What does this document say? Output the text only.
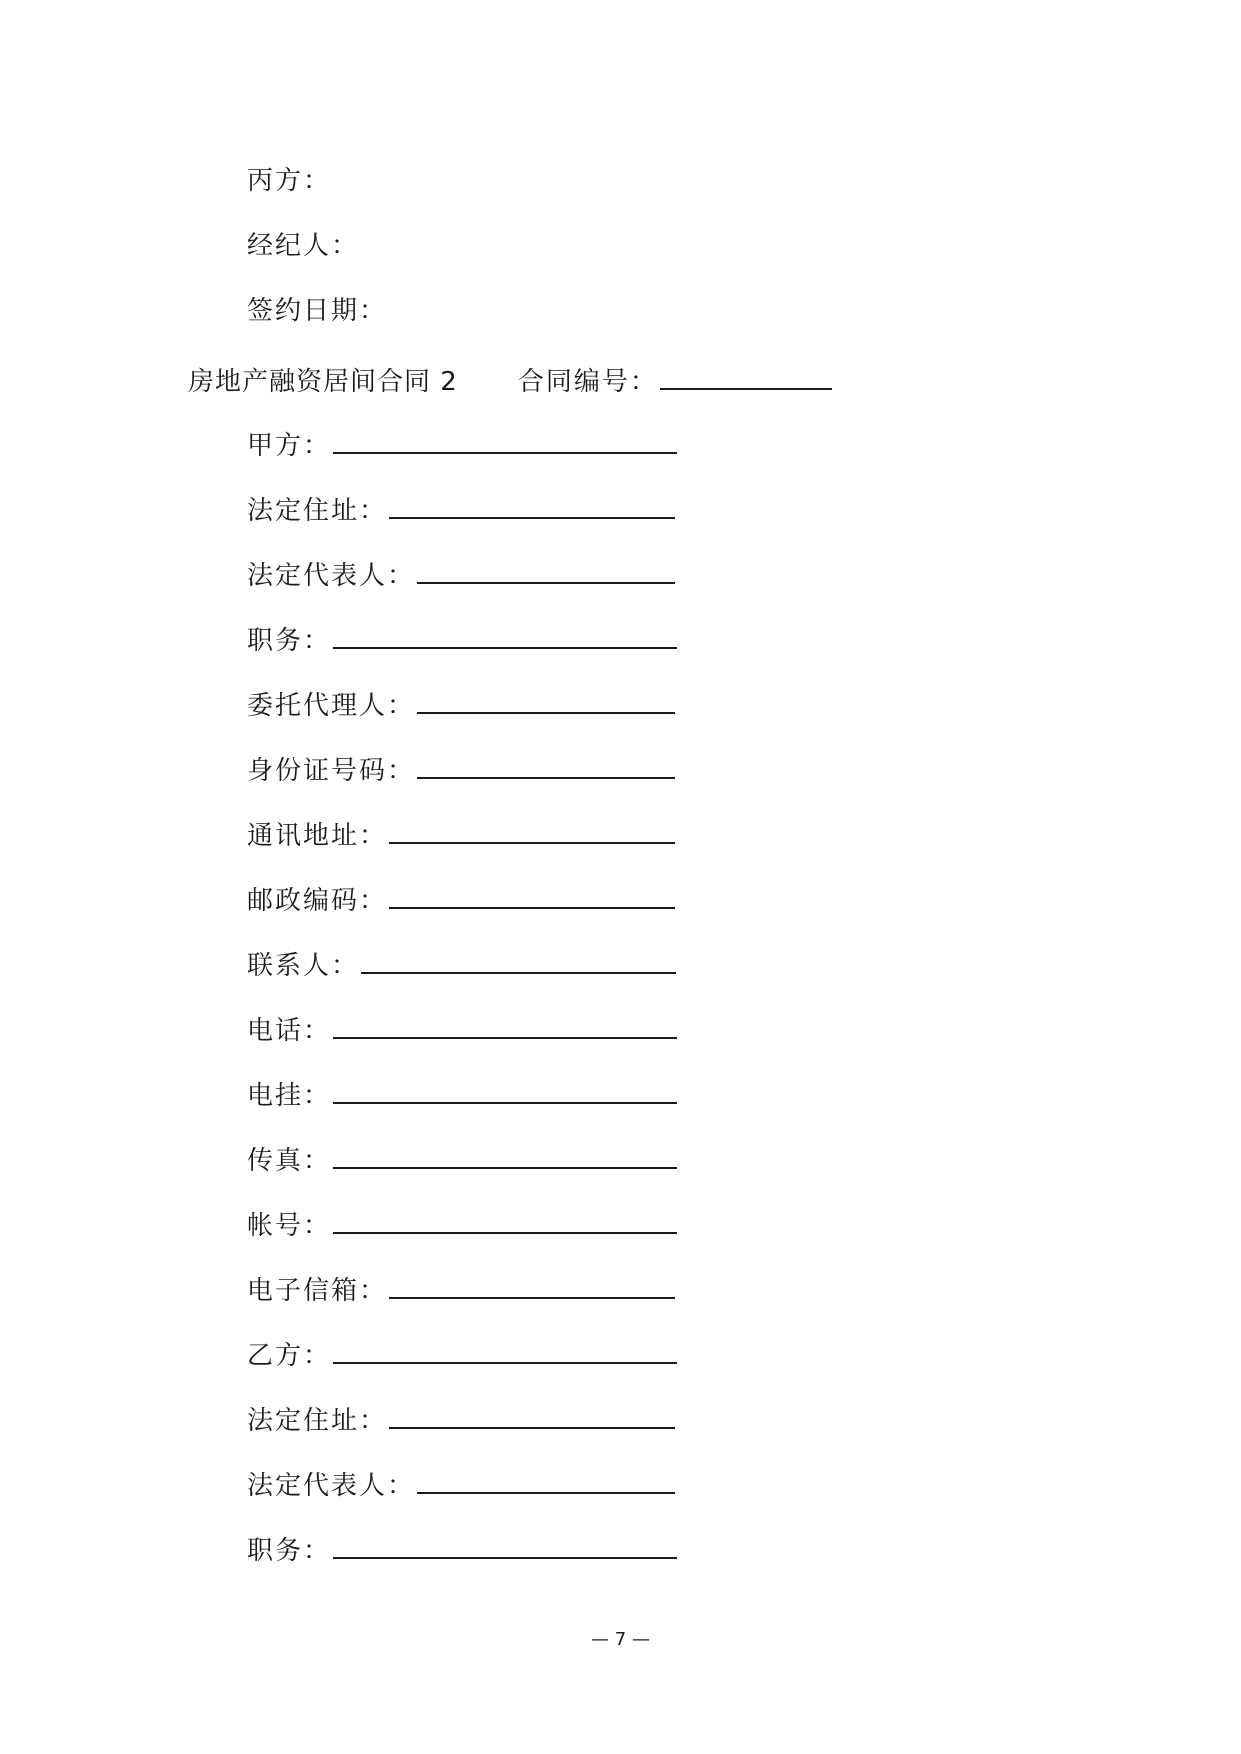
丙方：
经纪人：
签约日期：
房地产融资居间合同 2 合同编号：
甲方：
法定住址：
法定代表人：
职务：
委托代理人：
身份证号码：
通讯地址：
邮政编码：
联系人：
电话：
电挂：
传真：
帐号：
电子信箱：
乙方：
法定住址：
法定代表人：
职务：
— 7 —
